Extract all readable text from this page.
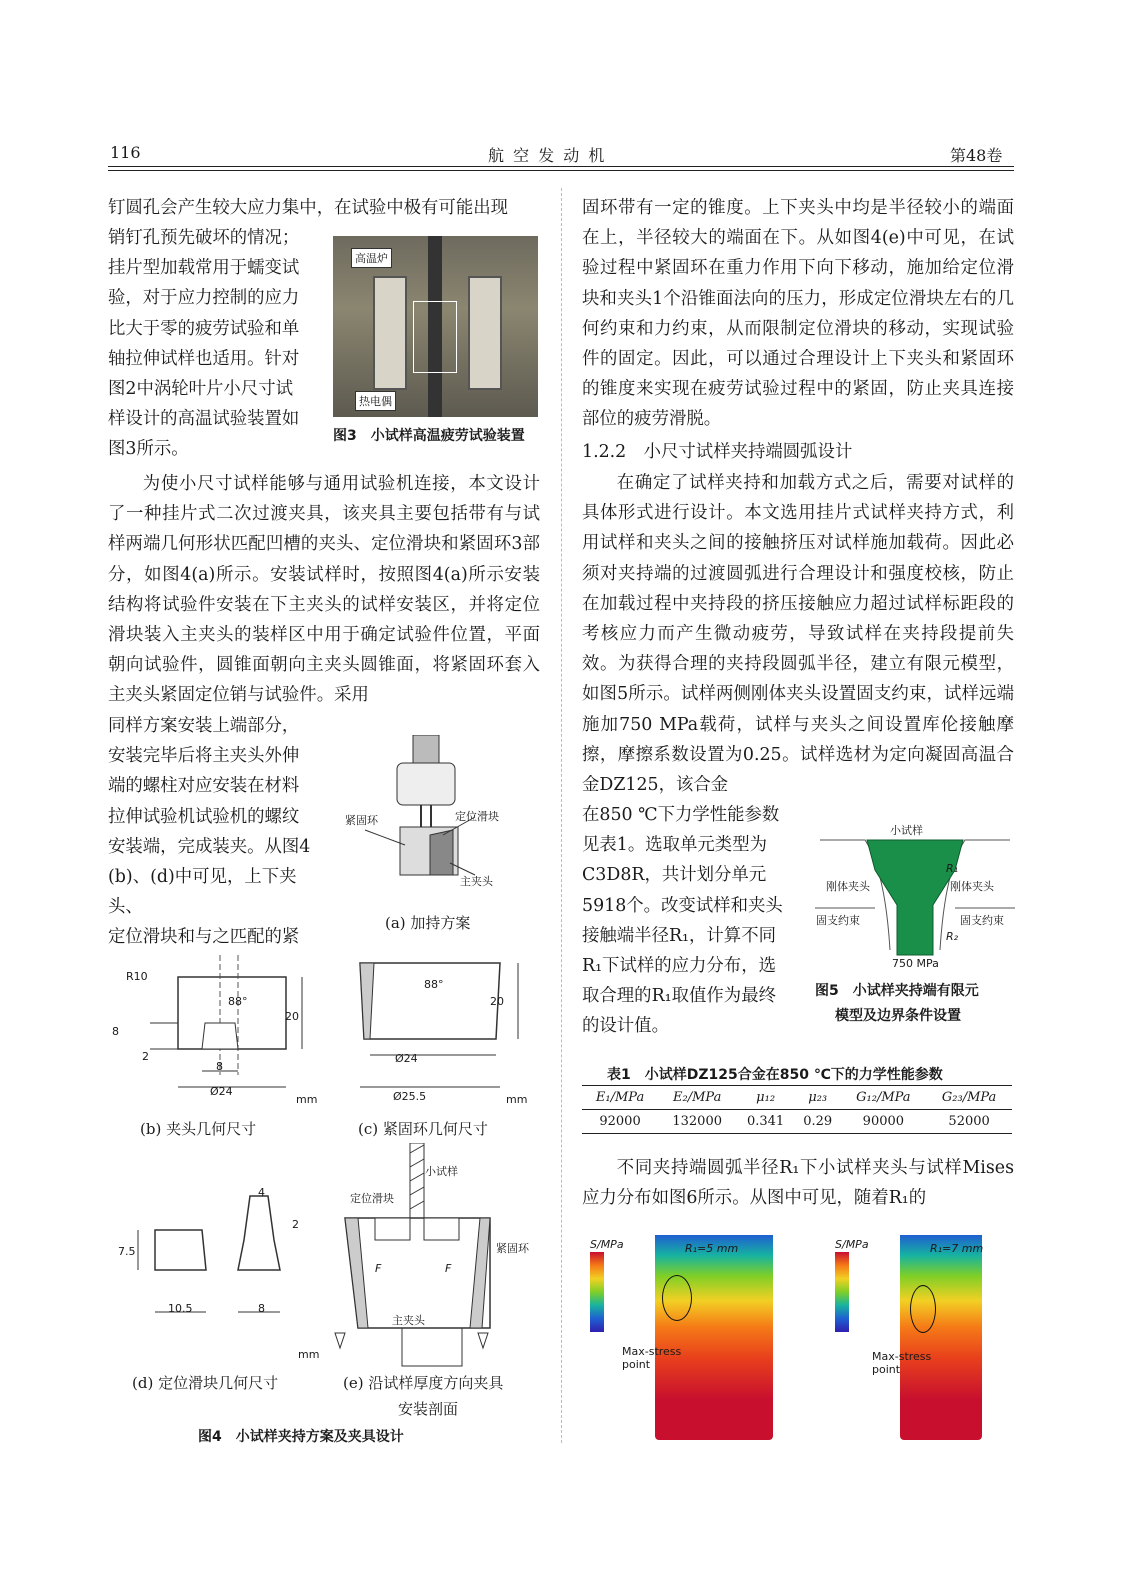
116	航 空 发 动 机	第48卷

钉圆孔会产生较大应力集中，在试验中极有可能出现

销钉孔预先破坏的情况；

挂片型加载常用于蠕变试

验，对于应力控制的应力

比大于零的疲劳试验和单

轴拉伸试样也适用。针对

图2中涡轮叶片小尺寸试

样设计的高温试验装置如

图3所示。

高温炉
热电偶
图3　小试样高温疲劳试验装置

为使小尺寸试样能够与通用试验机连接，本文设计了一种挂片式二次过渡夹具，该夹具主要包括带有与试样两端几何形状匹配凹槽的夹头、定位滑块和紧固环3部分，如图4(a)所示。安装试样时，按照图4(a)所示安装结构将试验件安装在下主夹头的试样安装区，并将定位滑块装入主夹头的装样区中用于确定试验件位置，平面朝向试验件，圆锥面朝向主夹头圆锥面，将紧固环套入主夹头紧固定位销与试验件。采用

同样方案安装上端部分，

安装完毕后将主夹头外伸

端的螺柱对应安装在材料

拉伸试验机试验机的螺纹

安装端，完成装夹。从图4

(b)、(d)中可见，上下夹头、

定位滑块和与之匹配的紧

紧固环	定位滑块
主夹头
(a) 加持方案
R10
88°
8
2
8
Ø24
20
mm
(b) 夹头几何尺寸
88°
Ø24
Ø25.5
20
mm
(c) 紧固环几何尺寸
7.5
10.5
4
2
8
mm
(d) 定位滑块几何尺寸
小试样
定位滑块
紧固环
主夹头
F	F
(e) 沿试样厚度方向夹具
安装剖面
图4　小试样夹持方案及夹具设计

固环带有一定的锥度。上下夹头中均是半径较小的端面在上，半径较大的端面在下。从如图4(e)中可见，在试验过程中紧固环在重力作用下向下移动，施加给定位滑块和夹头1个沿锥面法向的压力，形成定位滑块左右的几何约束和力约束，从而限制定位滑块的移动，实现试验件的固定。因此，可以通过合理设计上下夹头和紧固环的锥度来实现在疲劳试验过程中的紧固，防止夹具连接部位的疲劳滑脱。

1.2.2　小尺寸试样夹持端圆弧设计

在确定了试样夹持和加载方式之后，需要对试样的具体形式进行设计。本文选用挂片式试样夹持方式，利用试样和夹头之间的接触挤压对试样施加载荷。因此必须对夹持端的过渡圆弧进行合理设计和强度校核，防止在加载过程中夹持段的挤压接触应力超过试样标距段的考核应力而产生微动疲劳，导致试样在夹持段提前失效。为获得合理的夹持段圆弧半径，建立有限元模型，如图5所示。试样两侧刚体夹头设置固支约束，试样远端施加750 MPa载荷，试样与夹头之间设置库伦接触摩擦，摩擦系数设置为0.25。试样选材为定向凝固高温合金DZ125，该合金

在850 ℃下力学性能参数

见表1。选取单元类型为

C3D8R，共计划分单元

5918个。改变试样和夹头

接触端半径R₁，计算不同

R₁下试样的应力分布，选

取合理的R₁取值作为最终

的设计值。

小试样
刚体夹头	刚体夹头
固支约束	固支约束
R₁
R₂
750 MPa
图5　小试样夹持端有限元
模型及边界条件设置
表1　小试样DZ125合金在850 ℃下的力学性能参数
E₁/MPa	E₂/MPa	μ₁₂	μ₂₃	G₁₂/MPa	G₂₃/MPa
92000	132000	0.341	0.29	90000	52000

不同夹持端圆弧半径R₁下小试样夹头与试样Mises应力分布如图6所示。从图中可见，随着R₁的

S/MPa	R₁=5 mm
Max-stress
point
S/MPa	R₁=7 mm
Max-stress
point
